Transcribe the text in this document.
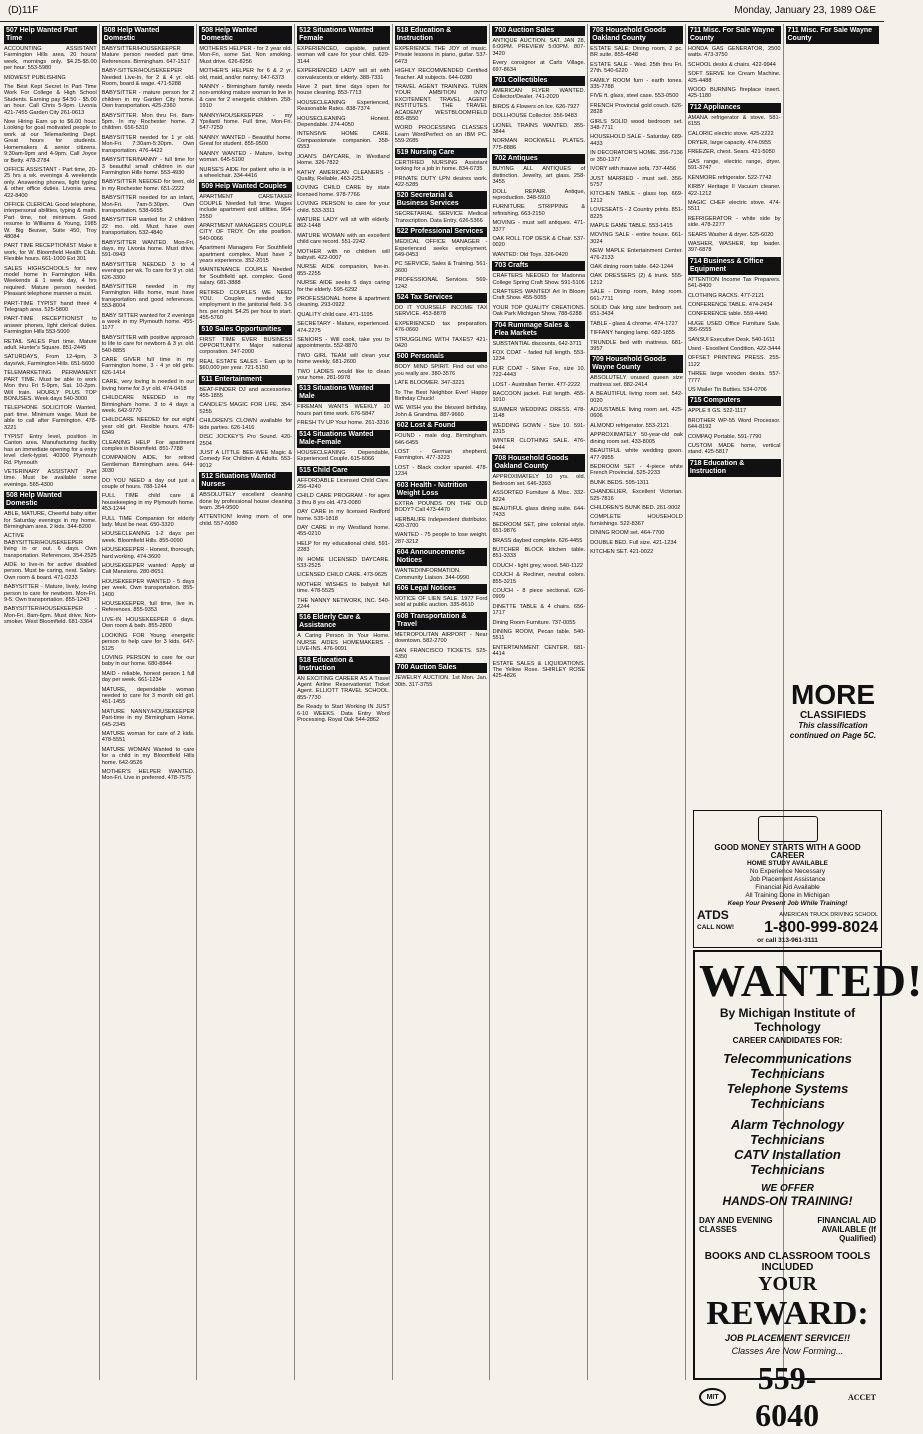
(D)11F	Monday, January 23, 1989 O&E
507 Help Wanted Part Time
ACCOUNTING ASSISTANT Farmington Hills area. 20 hours/ week, mornings only. $4.25-$5.00 per hour. 553-5980
MIDWEST PUBLISHING
The Best Kept Secret In Part Time Work For College & High School Students. Earning pay $4.50 - $5.00 an hour. Call Chris 5-9pm. Livonia 421-7455 Garden City 261-0613
Now Hiring Earn up to $6.00 hour. Looking for goal motivated people to work at our Telemarketing Dept. Great hours for students. Homemakers & senior citizens. 9:30am-9pm and 4-9pm. Call Joyce or Betty. 478-2784
OFFICE ASSISTANT - Part time, 20-25 hrs a wk. evenings & weekends only. Answering phones, light typing & other office duties. Livonia area. 422-8400
OFFICE CLERICAL Good telephone, interpersonal abilities, typing & math. Part time, not minimum. Good resume to Williams & Young, 1985 W. Big Beaver, Suite 450, Troy 48084
PART TIME RECEPTIONIST Make it work, for W. Bloomfield Health Club. Flexible hours. 661-1000 Ext 301
SALES HIGHSCHOOLS for new model home in Farmington Hills. Weekends & 1 week day, 4 hrs required. Mature person needed. Pleasant telephone manner a must.
PART-TIME TYPIST hand three 4 Telegraph area. 525-5800
PART-TIME RECEPTIONIST to answer phones, light clerical duties. Farmington Hills 553-5000
RETAIL SALES Part time. Mature adult. Hunter's Square. 851-2445
SATURDAYS, From 12-4pm, 3 days/wk, Farmington Hills. 651-5600
TELEMARKETING PERMANENT PART TIME. Must be able to work Mon thru Fri 5-9pm, Sat. 10-2pm. Will train. HOURLY PLUS TOP BONUSES. Week days 540-3000
TELEPHONE SOLICITOR Wanted, part time. Minimum wage. Must be able to call after Farmington. 478-3221
TYPIST Entry level, position in Canton area. Manufacturing facility has an immediate opening for a entry level clerk-typist. 40300 Plymouth Rd. Plymouth
VETERINARY ASSISTANT Part time. Must be available some evenings. 565-4300
508 Help Wanted Domestic
ABLE, MATURE, Cheerful baby sitter for Saturday evenings in my home. Birmingham area. 2 kids. 344-8200
ACTIVE BABYSITTER/HOUSEKEEPER living in or out. 6 days. Own transportation. References. 354-2525
AIDE to live-in for active disabled person. Must be caring, neat. Salary. Own room & board. 471-0233
BABYSITTER - Mature, lively, loving person to care for newborn. Mon-Fri. 9-5. Own transportation. 855-1243
BABYSITTER/HOUSEKEEPER - Mon-Fri. 8am-6pm. Must drive. Non-smoker. West Bloomfield. 681-3364
508 Help Wanted Domestic
BABYSITTER/HOUSEKEEPER Mature person needed part time. References. Birmingham. 647-1517
BABY-SITTER/HOUSEKEEPER Needed Live-In, for 2 & 4 yr. old. Room, board & wage. 471-5288
BABYSITTER - mature person for 2 children in my Garden City home. Own transportation. 425-2360
BABYSITTER. Mon thru Fri. 8am-5pm. In my Rochester home. 2 children. 656-5310
BABYSITTER needed for 1 yr old. Mon-Fri. 7:30am-5:30pm. Own transportation. 476-4422
BABYSITTER/NANNY - full time for 3 beautiful small children in our Farmington Hills home. 553-4930
BABYSITTER NEEDED for teen, old in my Rochester home. 651-2222
BABYSITTER needed for an infant, Mon-Fri. 7am-5:30pm. Own transportation. 538-6655
BABYSITTER wanted for 2 children 22 mo. old. Must have own transportation. 532-4840
BABYSITTER WANTED. Mon-Fri, days, my Livonia home. Must drive. 591-0943
BABYSITTER NEEDED 3 to 4 evenings per wk. To care for 9 yr. old. 626-3300
BABYSITTER needed in my Farmington Hills home, must have transportation and good references. 553-8004
BABY SITTER wanted for 2 evenings a week in my Plymouth home. 455-1177
BABYSITTER with positive approach to life to care for newborn & 3 yr. old. 540-8855
CARE GIVER full time in my Farmington home, 3 - 4 yr old girls. 626-1414
CARE, very loving is needed in our loving home for 3 yr old. 474-0418
CHILDCARE NEEDED in my Birmingham home. 3 to 4 days a week. 642-9770
CHILDCARE NEEDED for our eight year old girl. Flexible hours. 478-6349
CLEANING HELP For apartment complex in Bloomfield. 851-7788
COMPANION AIDE, for retired Gentleman Birmingham area. 644-3030
DO YOU NEED a day out just a couple of hours. 788-1244
FULL TIME child care & housekeeping in my Plymouth home. 453-1244
FULL TIME Companion for elderly lady. Must be neat. 650-3320
HOUSECLEANING 1-2 days per week. Bloomfield Hills. 855-0090
HOUSEKEEPER - Honest, thorough, hard working. 474-3600
HOUSEKEEPER wanted: Apply at Cali Mansions. 280-8651
HOUSEKEEPER WANTED - 5 days per week. Own transportation. 855-1400
HOUSEKEEPER, full time, live in. References. 855-9353
LIVE-IN HOUSEKEEPER 6 days. Own room & bath. 855-2800
LOOKING FOR Young energetic person to help care for 3 kids. 647-5125
LOVING PERSON to care for our baby in our home. 680-8844
MAID - reliable, honest person 1 full day per week. 661-1234
MATURE, dependable woman needed to care for 3 month old girl. 451-1455
MATURE NANNY/HOUSEKEEPER Part-time in my Birmingham Home. 645-2345
MATURE woman for care of 2 kids. 478-5551
MATURE WOMAN Wanted to care for a child in my Bloomfield Hills home. 642-9526
MOTHER'S HELPER WANTED. Mon-Fri. Live in preferred. 478-7575
508 Help Wanted Domestic
MOTHERS HELPER - for 2 year old. Mon-Fri, some Sat. Non smoking. Must drive. 626-8256
MOTHER'S HELPER for 6 & 2 yr. old, maid, and/or nanny. 647-6373
NANNY - Birmingham family needs non-smoking mature woman to live in & care for 2 energetic children. 258-1910
NANNY/HOUSEKEEPER - my Ypsilanti home. Full time, Mon-Fri. 547-7259
NANNY WANTED - Beautiful home. Great for student. 855-9500
NANNY WANTED - Mature, loving woman. 645-5100
NURSE'S AIDE for patient who is in a wheelchair. 334-4416
509 Help Wanted Couples
APARTMENT CARETAKER COUPLE Needed full time. Wages include apartment and utilities. 964-2550
APARTMENT MANAGERS COUPLE CITY OF TROY. On site position. 540-0066
Apartment Managers For Southfield apartment complex. Must have 2 years experience. 352-2015
MAINTENANCE COUPLE Needed for Southfield apt. complex. Good salary. 681-3888
RETIRED COUPLES WE NEED YOU. Couples needed for employment in the janitorial field. 3-5 hrs. per night. $4.25 per hour to start. 455-5760
510 Sales Opportunities
FIRST TIME EVER BUSINESS OPPORTUNITY. Major national corporation. 347-2000
REAL ESTATE SALES - Earn up to $60,000 per year. 721-5150
511 Entertainment
BEAT-FINDER DJ and accessories. 455-1855
CANDLE'S MAGIC FOR LIFE. 354-5255
CHILDREN'S CLOWN available for kids parties. 626-1416
DISC JOCKEY'S Pro Sound. 420-2504
JUST A LITTLE BEE-WEE Magic & Comedy For Children & Adults. 553-9012
512 Situations Wanted Nurses
ABSOLUTELY excellent cleaning done by professional house cleaning team. 354-9500
ATTENTION! loving mom of one child. 557-6080
512 Situations Wanted Female
EXPERIENCED, capable, patient woman will care for your child. 629-3144
EXPERIENCED LADY will sit with convalescents or elderly. 388-7331
Have 2 part time days open for house cleaning. 853-7713
HOUSECLEANING Experienced, Reasonable Rates. 838-7374
HOUSECLEANING Honest. Dependable. 274-4050
INTENSIVE HOME CARE. Compassionate companion. 358-6553
JOAN'S DAYCARE, in Westland Home. 326-7822
KATHY AMERICAN CLEANERS - Quality, Reliable. 463-2251
LOVING CHILD CARE by state licensed home. 978-7766
LOVING PERSON to care for your child. 533-3311
MATURE LADY will sit with elderly. 862-1448
MATURE WOMAN with an excellent child care record. 551-2242
MOTHER with no children will babysit. 422-0007
NURSE AIDE companion, live-in. 855-2255
NURSE AIDE seeks 5 days caring for the elderly. 595-6292
PROFESSIONAL home & apartment cleaning. 293-0922
QUALITY child care. 471-1195
SECRETARY - Mature, experienced. 474-2275
SENIORS - Will cook, take you to appointments. 552-8870
TWO GIRL TEAM will clean your home weekly. 681-2600
TWO LADIES would like to clean your home. 281-9978
513 Situations Wanted Male
FIREMAN WANTS WEEKLY 10 hours part time work. 676-5847
FRESH TV UP Your home. 261-3316
514 Situations Wanted Male-Female
HOUSECLEANING Dependable, Experienced Couple. 615-6066
515 Child Care
AFFORDABLE Licensed Child Care. 256-4240
CHILD CARE PROGRAM - for ages 3 thru 8 yrs old. 473-0080
DAY CARE in my licensed Redford home. 535-1818
DAY CARE in my Westland home. 455-0210
HELP for my educational child. 591-2283
IN HOME LICENSED DAYCARE. 533-2525
LICENSED CHILD CARE. 473-9625
MOTHER WISHES to babysit full time. 478-5525
THE NANNY NETWORK, INC. 540-2244
516 Elderly Care & Assistance
A Caring Person In Your Home. NURSE AIDES HOMEMAKERS - LIVE-INS. 476-9091
518 Education & Instruction
AN EXCITING CAREER AS A Travel Agent Airline Reservationist Ticket Agent. ELLIOTT TRAVEL SCHOOL. 855-7730
Be Ready to Start Working IN JUST 6-10 WEEKS. Data Entry Word Processing. Royal Oak 544-2862
518 Education & Instruction
EXPERIENCE THE JOY of music. Private lessons in piano, guitar. 537-6473
HIGHLY RECOMMENDED Certified Teacher. All subjects. 644-0280
TRAVEL AGENT TRAINING. TURN YOUR AMBITION INTO EXCITEMENT. TRAVEL AGENT INSTITUTES. THE TRAVEL ACADEMY WESTBLOOMFIELD 855-8550
WORD PROCESSING CLASSES Learn WordPerfect on an IBM PC. 559-2685
519 Nursing Care
CERTIFIED NURSING Assistant looking for a job in home. 834-6735
PRIVATE DUTY LPN desires work. 422-5285
520 Secretarial & Business Services
SECRETARIAL SERVICE Medical Transcription. Data Entry. 626-5366
522 Professional Services
MEDICAL OFFICE MANAGER - Experienced seeks employment. 649-0453
PC SERVICE, Sales & Training. 561-3600
PROFESSIONAL Services. 569-1242
524 Tax Services
DO IT YOURSELF INCOME TAX SERVICE. 453-8878
EXPERIENCED tax preparation. 476-0660
STRUGGLING WITH TAXES? 421-0420
500 Personals
BODY MIND SPIRIT. Find out who you really are. 380-3576
LATE BLOOMER. 347-3221
To The Best Neighbor Ever! Happy Birthday Chuck!
WE WISH you the blessed birthday, John & Grandma. 887-9660
602 Lost & Found
FOUND - male dog. Birmingham. 646-6455
LOST - German shepherd. Farmington. 477-3223
LOST - Black cocker spaniel. 478-1234
603 Health - Nutrition Weight Loss
EXTRA POUNDS ON THE OLD BODY? Call 473-4470
HERBALIFE Independent distributor. 420-3700
WANTED - 75 people to lose weight. 287-3212
604 Announcements Notices
WANTED/INFORMATION. Community Liaison. 344-0990
606 Legal Notices
NOTICE OF LIEN SALE. 1977 Ford sold at public auction. 335-8610
608 Transportation & Travel
METROPOLITAN AIRPORT - Near downtown. 582-2700
SAN FRANCISCO TICKETS. 525-4350
700 Auction Sales
JEWELRY AUCTION. 1st Mon. Jan. 30th. 317-3755
700 Auction Sales
ANTIQUE AUCTION. SAT. JAN 28, 6:00PM. PREVIEW 5:00PM. 807-3420
Every consignor at Carls Village. 697-8634
701 Collectibles
AMERICAN FLYER WANTED. Collector/Dealer. 741-2020
BIRDS & Flowers on Ice. 626-7927
DOLLHOUSE Collector. 356-9483
LIONEL TRAINS WANTED. 355-3844
NORMAN ROCKWELL PLATES. 775-8886
702 Antiques
BUYING ALL ANTIQUES of distinction. Jewelry, art glass. 258-3455
DOLL REPAIR. Antique, reproduction. 348-5910
FURNITURE STRIPPING & refinishing. 663-2150
MOVING - must sell antiques. 471-3377
OAK ROLL TOP DESK & Chair. 537-0020
WANTED: Old Toys. 326-0420
703 Crafts
CRAFTERS NEEDED for Madonna College Spring Craft Show. 591-5106
CRAFTERS WANTED! Art In Bloom Craft Show. 455-5055
YOUR TOP QUALITY CREATIONS. Oak Park Michigan Show. 788-6288
704 Rummage Sales & Flea Markets
SUBSTANTIAL discounts. 642-3711
FOX COAT - faded full length. 553-1234
FUR COAT - Silver Fox, size 10. 722-4443
LOST - Australian Terrier. 477-2222
RACCOON jacket. Full length. 455-1010
SUMMER WEDDING DRESS. 478-1148
WEDDING GOWN - Size 10. 591-2315
WINTER CLOTHING SALE. 476-9444
708 Household Goods Oakland County
APPROXIMATELY 10 yrs. old. Bedroom set. 646-3393
ASSORTED Furniture & Misc. 332-8224
BEAUTIFUL glass dining suite. 644-7433
BEDROOM SET, pine colonial style. 651-9876
BRASS daybed complete. 626-4455
BUTCHER BLOCK kitchen table. 851-3333
COUCH - light grey, wood. 540-1122
COUCH & Recliner, neutral colors. 855-3215
COUCH - 8 piece sectional. 626-0909
DINETTE TABLE & 4 chairs. 656-1717
Dining Room Furniture. 737-0055
DINING ROOM, Pecan table. 540-5511
ENTERTAINMENT CENTER. 681-4414
ESTATE SALES & LIQUIDATIONS. The Yellow Rose. SHIRLEY ROSE 425-4826
708 Household Goods Oakland County
ESTATE SALE: Dining room, 2 pc. BR suite. 855-4848
ESTATE SALE - Wed. 25th thru Fri. 27th. 540-6220
FAMILY ROOM furn - earth tones. 335-7788
FIVE ft. glass, steel case. 553-0500
FRENCH Provincial gold couch. 626-2828
GIRLS SOLID wood bedroom set. 348-7711
HOUSEHOLD SALE - Saturday. 689-4433
IN DECORATOR'S HOME. 356-7136 or 350-1377
IVORY with mauve sofa. 737-4456
JUST MARRIED - must sell. 356-5757
KITCHEN TABLE - glass top. 669-1212
LOVESEATS - 2 Country prints. 851-8225
MAPLE GAME TABLE. 553-1415
MOVING SALE - entire house. 661-3024
NEW MAPLE Entertainment Center. 476-2133
OAK dining room table. 642-1244
OAK DRESSERS (2) & trunk. 555-1212
SALE - Dining room, living room. 661-7711
SOLID Oak king size bedroom set. 651-3434
TABLE - glass & chrome. 474-1727
TIFFANY hanging lamp. 682-1855
TRUNDLE bed with mattress. 681-3957
709 Household Goods Wayne County
ABSOLUTELY unused queen size mattress set. 882-2414
A BEAUTIFUL living room set. 542-0020
ADJUSTABLE living room set. 425-0606
ALMOND refrigerator. 553-2121
APPROXIMATELY 50-year-old oak dining room set. 433-8005
BEAUTIFUL white wedding gown. 477-9955
BEDROOM SET - 4-piece white French Provincial. 525-2233
BUNK BEDS. 595-1311
CHANDELIER, Excellent Victorian. 525-7816
CHILDREN'S BUNK BED. 261-9002
COMPLETE HOUSEHOLD furnishings. 522-8367
DINING ROOM set. 464-7700
DOUBLE BED. Full size. 421-1234
KITCHEN SET. 421-0022
711 Misc. For Sale Wayne County
HONDA GAS GENERATOR, 2500 watts. 473-3750
SCHOOL desks & chairs. 422-9944
SOFT SERVE Ice Cream Machine. 425-4488
WOOD BURNING fireplace insert. 425-1180
712 Appliances
AMANA refrigerator & stove. 581-6155
CALORIC electric stove. 425-2222
DRYER, large capacity. 474-0955
FREEZER, chest. Sears. 421-5050
GAS range, electric range, dryer. 591-3747
KENMORE refrigerator. 522-7742
KIRBY Heritage II Vacuum cleaner. 422-1212
MAGIC CHEF electric stove. 474-5511
REFRIGERATOR - white side by side. 478-2277
SEARS Washer & dryer. 525-6020
WASHER, WASHER, top loader. 397-6878
714 Business & Office Equipment
ATTENTION Income Tax Preparers. 541-8400
CLOTHING RACKS. 477-2121
CONFERENCE TABLE. 474-2434
CONFERENCE table. 559-4440
HUGE USED Office Furniture Sale. 356-6555
SANSUI Executive Desk. 540-1611
Used - Excellent Condition. 422-3444
OFFSET PRINTING PRESS. 255-1122
THREE large wooden desks. 557-7777
US Mailer Tin Butties. 534-0706
715 Computers
APPLE II GS. 522-1117
BROTHER WP-55 Word Processor. 644-8192
COMPAQ Portable. 591-7790
CUSTOM MADE home, vertical stand. 425-5817
718 Education & Instruction
711 Misc. For Sale Wayne County
MORE
CLASSIFIEDS
This classification continued on Page 5C.
GOOD MONEY STARTS WITH A GOOD CAREER
HOME STUDY AVAILABLE
No Experience Necessary
Job Placement Assistance
Financial Aid Available
All Training Done in Michigan
Keep Your Present Job While Training!
ATDS	AMERICAN TRUCK DRIVING SCHOOL
CALL NOW! 1-800-999-8024
or call 313-961-3111
WANTED!
By Michigan Institute of Technology
CAREER CANDIDATES FOR:
Telecommunications Technicians
Telephone Systems Technicians
Alarm Technology Technicians
CATV Installation Technicians
WE OFFER
HANDS-ON TRAINING!
DAY AND EVENING CLASSES
FINANCIAL AID AVAILABLE (If Qualified)
BOOKS AND CLASSROOM TOOLS INCLUDED
YOUR
REWARD:
JOB PLACEMENT SERVICE!!
Classes Are Now Forming...
MIT
559-6040	ACCET
